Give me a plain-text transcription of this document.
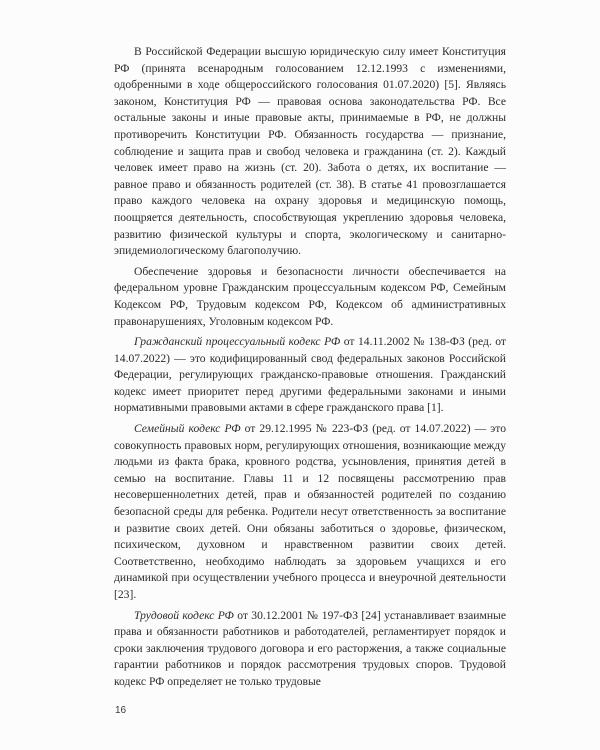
В Российской Федерации высшую юридическую силу имеет Конституция РФ (принята всенародным голосованием 12.12.1993 с изменениями, одобренными в ходе общероссийского голосования 01.07.2020) [5]. Являясь законом, Конституция РФ — правовая основа законодательства РФ. Все остальные законы и иные правовые акты, принимаемые в РФ, не должны противоречить Конституции РФ. Обязанность государства — признание, соблюдение и защита прав и свобод человека и гражданина (ст. 2). Каждый человек имеет право на жизнь (ст. 20). Забота о детях, их воспитание — равное право и обязанность родителей (ст. 38). В статье 41 провозглашается право каждого человека на охрану здоровья и медицинскую помощь, поощряется деятельность, способствующая укреплению здоровья человека, развитию физической культуры и спорта, экологическому и санитарно-эпидемиологическому благополучию.

Обеспечение здоровья и безопасности личности обеспечивается на федеральном уровне Гражданским процессуальным кодексом РФ, Семейным Кодексом РФ, Трудовым кодексом РФ, Кодексом об административных правонарушениях, Уголовным кодексом РФ.

Гражданский процессуальный кодекс РФ от 14.11.2002 № 138-ФЗ (ред. от 14.07.2022) — это кодифицированный свод федеральных законов Российской Федерации, регулирующих гражданско-правовые отношения. Гражданский кодекс имеет приоритет перед другими федеральными законами и иными нормативными правовыми актами в сфере гражданского права [1].

Семейный кодекс РФ от 29.12.1995 № 223-ФЗ (ред. от 14.07.2022) — это совокупность правовых норм, регулирующих отношения, возникающие между людьми из факта брака, кровного родства, усыновления, принятия детей в семью на воспитание. Главы 11 и 12 посвящены рассмотрению прав несовершеннолетних детей, прав и обязанностей родителей по созданию безопасной среды для ребенка. Родители несут ответственность за воспитание и развитие своих детей. Они обязаны заботиться о здоровье, физическом, психическом, духовном и нравственном развитии своих детей. Соответственно, необходимо наблюдать за здоровьем учащихся и его динамикой при осуществлении учебного процесса и внеурочной деятельности [23].

Трудовой кодекс РФ от 30.12.2001 № 197-ФЗ [24] устанавливает взаимные права и обязанности работников и работодателей, регламентирует порядок и сроки заключения трудового договора и его расторжения, а также социальные гарантии работников и порядок рассмотрения трудовых споров. Трудовой кодекс РФ определяет не только трудовые

16
